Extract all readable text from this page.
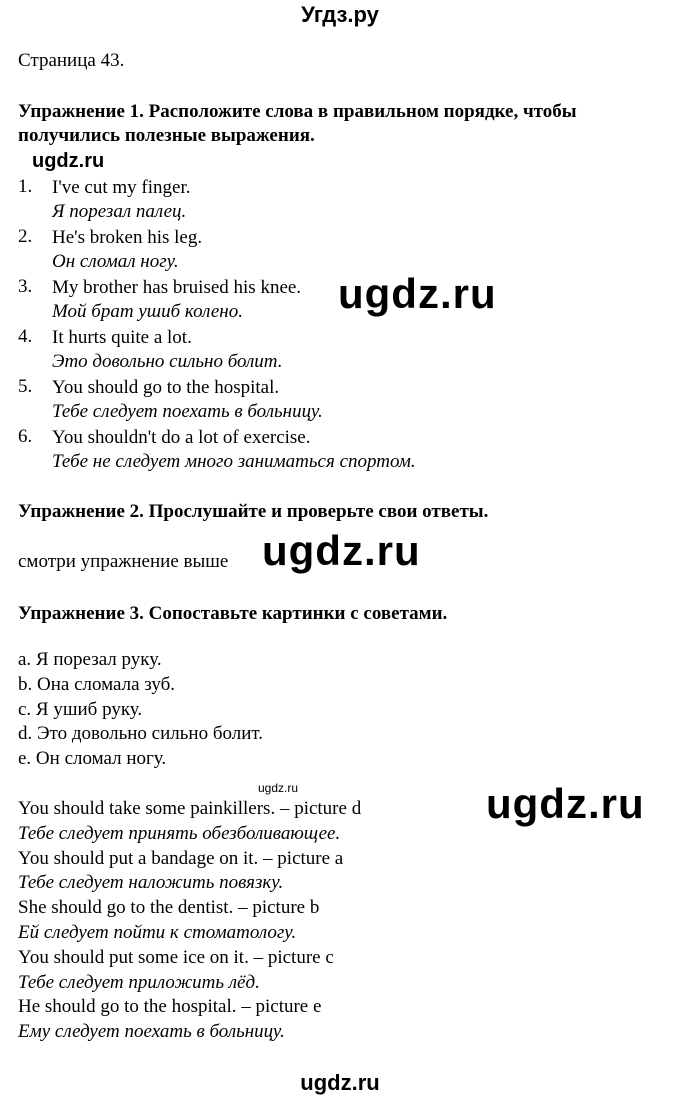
Угдз.ру
Страница 43.
Упражнение 1. Расположите слова в правильном порядке, чтобы
получились полезные выражения.
ugdz.ru
1. I've cut my finger.
Я порезал палец.
2. He's broken his leg.
Он сломал ногу.
3. My brother has bruised his knee.
Мой брат ушиб колено.
4. It hurts quite a lot.
Это довольно сильно болит.
5. You should go to the hospital.
Тебе следует поехать в больницу.
6. You shouldn't do a lot of exercise.
Тебе не следует много заниматься спортом.
ugdz.ru
Упражнение 2. Прослушайте и проверьте свои ответы.
смотри упражнение выше ugdz.ru
Упражнение 3. Сопоставьте картинки с советами.
a. Я порезал руку.
b. Она сломала зуб.
c. Я ушиб руку.
d. Это довольно сильно болит.
e. Он сломал ногу.
ugdz.ru
You should take some painkillers. – picture d
Тебе следует принять обезболивающее.
You should put a bandage on it. – picture a
Тебе следует наложить повязку.
She should go to the dentist. – picture b
Ей следует пойти к стоматологу.
You should put some ice on it. – picture c
Тебе следует приложить лёд.
He should go to the hospital. – picture e
Ему следует поехать в больницу.
ugdz.ru
ugdz.ru
